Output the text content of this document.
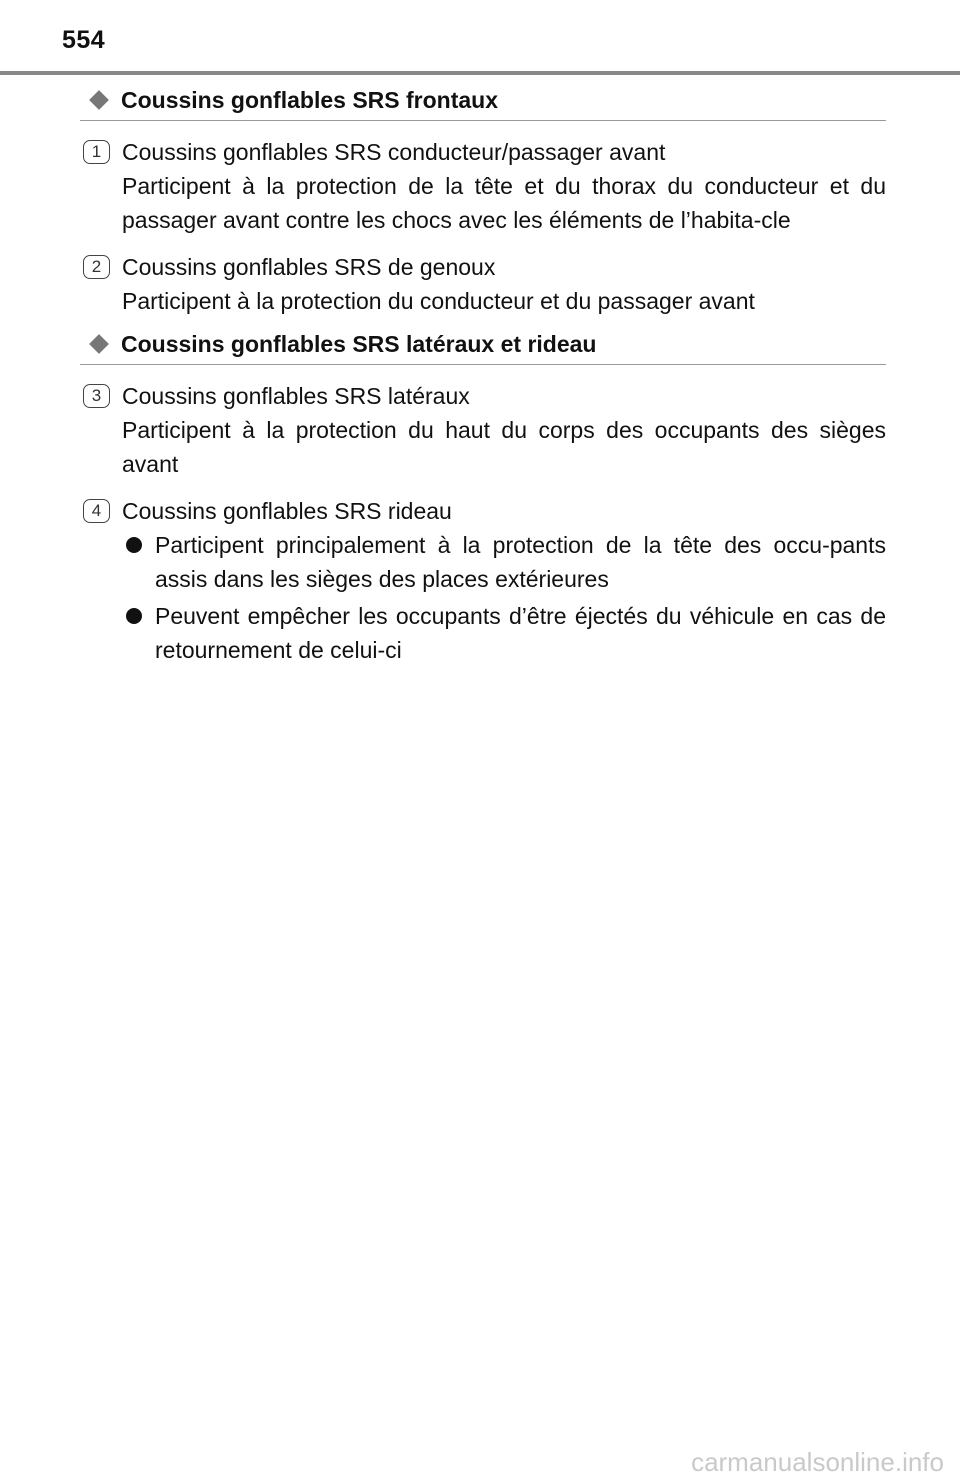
554
Coussins gonflables SRS frontaux
1 Coussins gonflables SRS conducteur/passager avant
Participent à la protection de la tête et du thorax du conducteur et du passager avant contre les chocs avec les éléments de l’habita-cle
2 Coussins gonflables SRS de genoux
Participent à la protection du conducteur et du passager avant
Coussins gonflables SRS latéraux et rideau
3 Coussins gonflables SRS latéraux
Participent à la protection du haut du corps des occupants des sièges avant
4 Coussins gonflables SRS rideau
Participent principalement à la protection de la tête des occu-pants assis dans les sièges des places extérieures
Peuvent empêcher les occupants d’être éjectés du véhicule en cas de retournement de celui-ci
carmanualsonline.info
